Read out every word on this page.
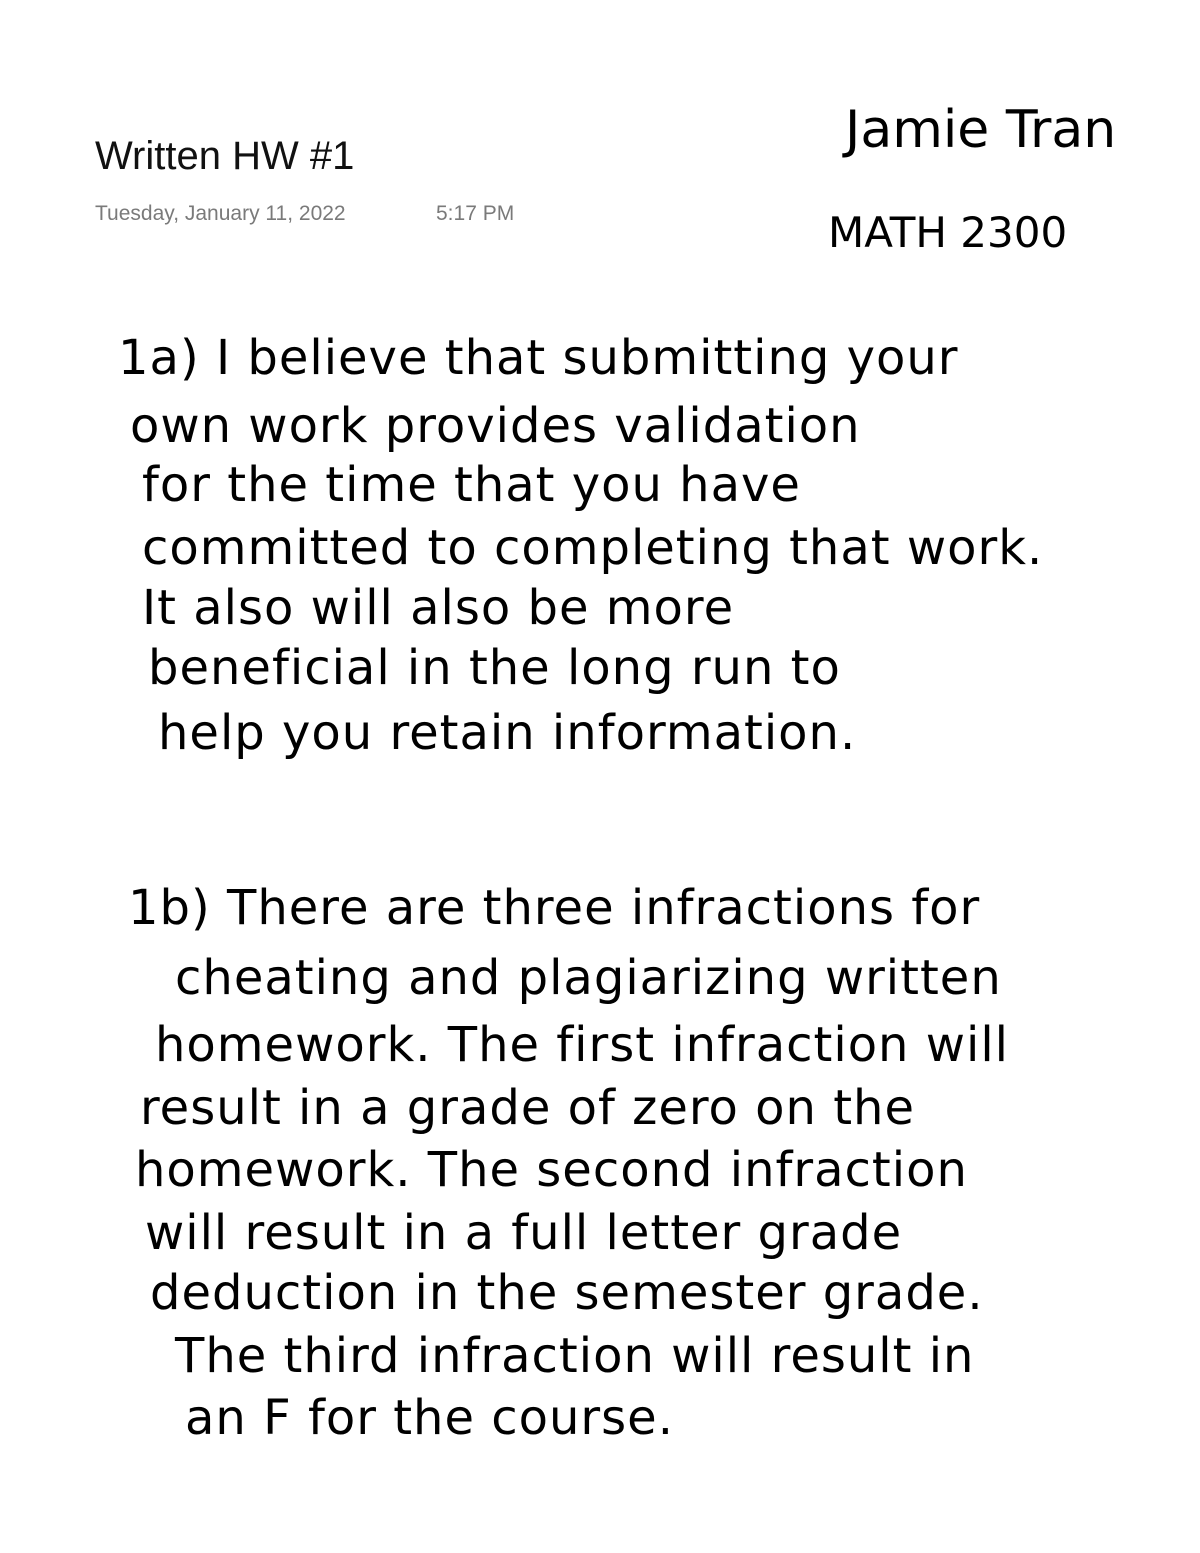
Written HW #1
Tuesday, January 11, 2022	5:17 PM
Jamie Tran
MATH 2300
1a) I believe that submitting your
own work provides validation
for the time that you have
committed to completing that work.
It also will also be more
beneficial in the long run to
help you retain information.
1b) There are three infractions for
cheating and plagiarizing written
homework. The first infraction will
result in a grade of zero on the
homework. The second infraction
will result in a full letter grade
deduction in the semester grade.
The third infraction will result in
an F for the course.
